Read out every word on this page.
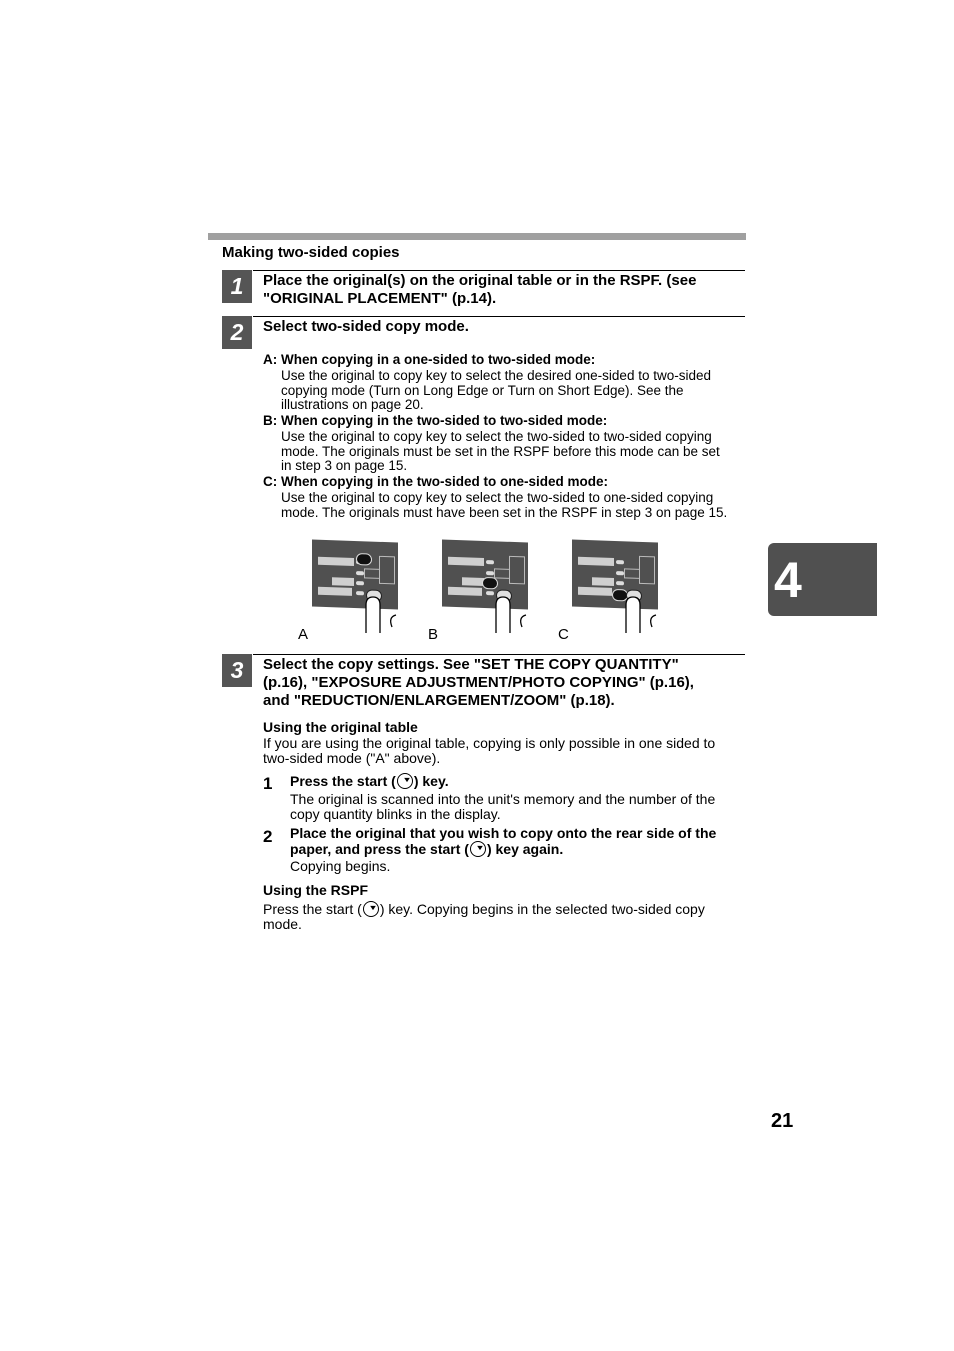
Making two-sided copies
1	Place the original(s) on the original table or in the RSPF. (see
"ORIGINAL PLACEMENT" (p.14).
2	Select two-sided copy mode.
A: When copying in a one-sided to two-sided mode:
Use the original to copy key to select the desired one-sided to two-sided
copying mode (Turn on Long Edge or Turn on Short Edge). See the
illustrations on page 20.
B: When copying in the two-sided to two-sided mode:
Use the original to copy key to select the two-sided to two-sided copying
mode. The originals must be set in the RSPF before this mode can be set
in step 3 on page 15.
C: When copying in the two-sided to one-sided mode:
Use the original to copy key to select the two-sided to one-sided copying
mode. The originals must have been set in the RSPF in step 3 on page 15.
A	B	C
3	Select the copy settings. See "SET THE COPY QUANTITY"
(p.16), "EXPOSURE ADJUSTMENT/PHOTO COPYING" (p.16),
and "REDUCTION/ENLARGEMENT/ZOOM" (p.18).
Using the original table
If you are using the original table, copying is only possible in one sided to
two-sided mode ("A" above).
1 Press the start ( ) key.
The original is scanned into the unit's memory and the number of the
copy quantity blinks in the display.
2 Place the original that you wish to copy onto the rear side of the
paper, and press the start ( ) key again.
Copying begins.
Using the RSPF
Press the start ( ) key. Copying begins in the selected two-sided copy mode.
4
21
